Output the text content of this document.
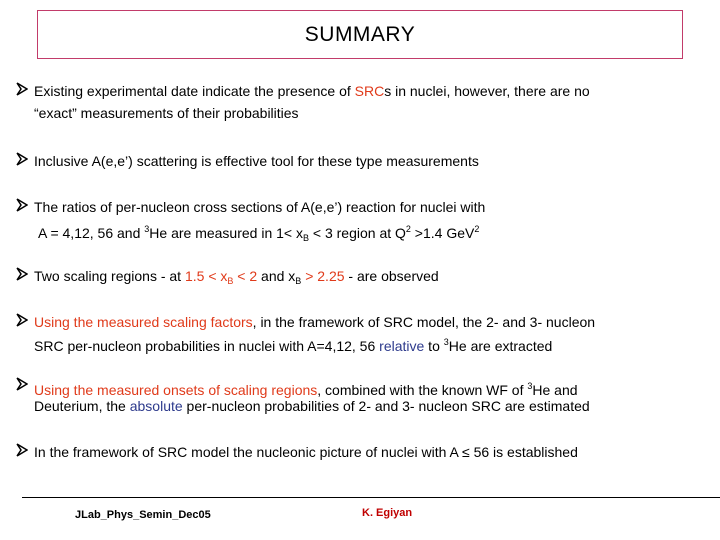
SUMMARY
Existing experimental date indicate the presence of SRCs in nuclei, however, there are no
“exact” measurements of their probabilities
Inclusive A(e,e’) scattering is effective tool for these type measurements
The ratios of per-nucleon cross sections of A(e,e’) reaction for nuclei with
A = 4,12, 56 and $^3$He are measured in $1< x_B < 3$ region at $Q^2 >1.4$ GeV$^2$
Two scaling regions - at $1.5 < x_B < 2$ and $x_B > 2.25$ - are observed
Using the measured scaling factors, in the framework of SRC model, the 2- and 3- nucleon
SRC per-nucleon probabilities in nuclei with A=4,12, 56 relative to $^3$He are extracted
Using the measured onsets of scaling regions, combined with the known WF of $^3$He and
Deuterium, the absolute per-nucleon probabilities of 2- and 3- nucleon SRC are estimated
In the framework of SRC model the nucleonic picture of nuclei with A ≤ 56 is established
JLab_Phys_Semin_Dec05	K. Egiyan
